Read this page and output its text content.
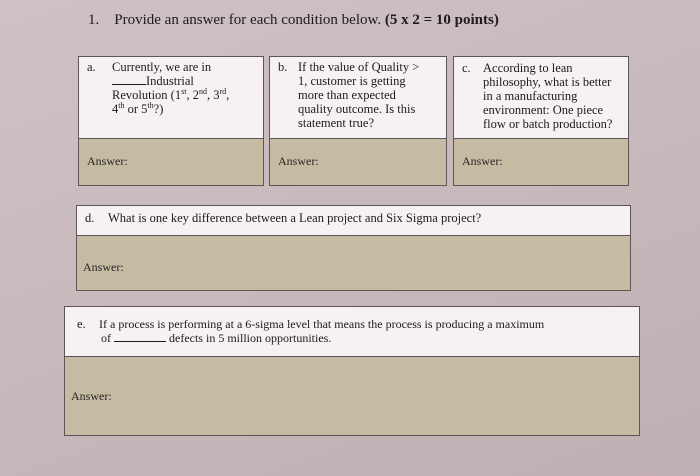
1. Provide an answer for each condition below. (5 x 2 = 10 points)
a. Currently, we are in
Industrial
Revolution (1st, 2nd, 3rd,
4th or 5th?)
Answer:
b. If the value of Quality >
1, customer is getting
more than expected
quality outcome. Is this
statement true?
Answer:
c. According to lean
philosophy, what is better
in a manufacturing
environment: One piece
flow or batch production?
Answer:
d. What is one key difference between a Lean project and Six Sigma project?
Answer:
e. If a process is performing at a 6-sigma level that means the process is producing a maximum
of	defects in 5 million opportunities.
Answer:
